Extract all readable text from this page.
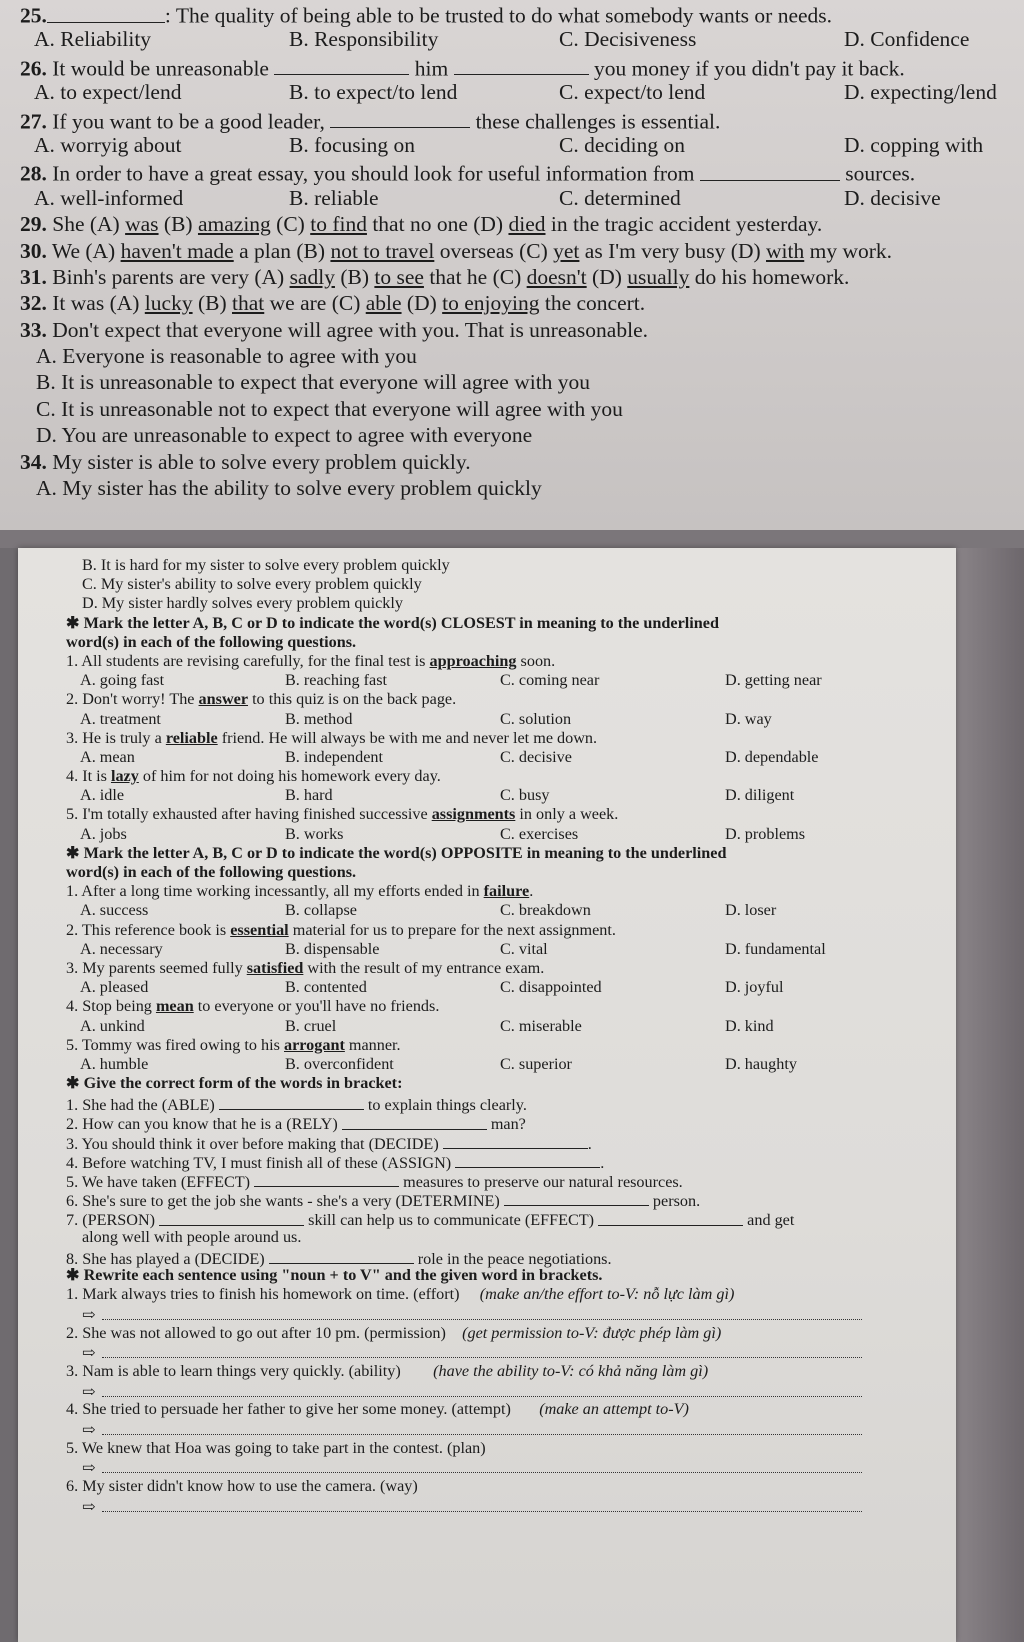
25.	: The quality of being able to be trusted to do what somebody wants or needs.
A. Reliability	B. Responsibility	C. Decisiveness	D. Confidence
26. It would be unreasonable	him	you money if you didn't pay it back.
A. to expect/lend	B. to expect/to lend	C. expect/to lend	D. expecting/lend
27. If you want to be a good leader,	these challenges is essential.
A. worryig about	B. focusing on	C. deciding on	D. copping with
28. In order to have a great essay, you should look for useful information from	sources.
A. well-informed	B. reliable	C. determined	D. decisive
29. She (A) was (B) amazing (C) to find that no one (D) died in the tragic accident yesterday.
30. We (A) haven't made a plan (B) not to travel overseas (C) yet as I'm very busy (D) with my work.
31. Binh's parents are very (A) sadly (B) to see that he (C) doesn't (D) usually do his homework.
32. It was (A) lucky (B) that we are (C) able (D) to enjoying the concert.
33. Don't expect that everyone will agree with you. That is unreasonable.
A. Everyone is reasonable to agree with you
B. It is unreasonable to expect that everyone will agree with you
C. It is unreasonable not to expect that everyone will agree with you
D. You are unreasonable to expect to agree with everyone
34. My sister is able to solve every problem quickly.
A. My sister has the ability to solve every problem quickly
B. It is hard for my sister to solve every problem quickly
C. My sister's ability to solve every problem quickly
D. My sister hardly solves every problem quickly
✱ Mark the letter A, B, C or D to indicate the word(s) CLOSEST in meaning to the underlined
word(s) in each of the following questions.
1. All students are revising carefully, for the final test is approaching soon.
A. going fast	B. reaching fast	C. coming near	D. getting near
2. Don't worry! The answer to this quiz is on the back page.
A. treatment	B. method	C. solution	D. way
3. He is truly a reliable friend. He will always be with me and never let me down.
A. mean	B. independent	C. decisive	D. dependable
4. It is lazy of him for not doing his homework every day.
A. idle	B. hard	C. busy	D. diligent
5. I'm totally exhausted after having finished successive assignments in only a week.
A. jobs	B. works	C. exercises	D. problems
✱ Mark the letter A, B, C or D to indicate the word(s) OPPOSITE in meaning to the underlined
word(s) in each of the following questions.
1. After a long time working incessantly, all my efforts ended in failure.
A. success	B. collapse	C. breakdown	D. loser
2. This reference book is essential material for us to prepare for the next assignment.
A. necessary	B. dispensable	C. vital	D. fundamental
3. My parents seemed fully satisfied with the result of my entrance exam.
A. pleased	B. contented	C. disappointed	D. joyful
4. Stop being mean to everyone or you'll have no friends.
A. unkind	B. cruel	C. miserable	D. kind
5. Tommy was fired owing to his arrogant manner.
A. humble	B. overconfident	C. superior	D. haughty
✱ Give the correct form of the words in bracket:
1. She had the (ABLE)	to explain things clearly.
2. How can you know that he is a (RELY)	man?
3. You should think it over before making that (DECIDE)	.
4. Before watching TV, I must finish all of these (ASSIGN)	.
5. We have taken (EFFECT)	measures to preserve our natural resources.
6. She's sure to get the job she wants - she's a very (DETERMINE)	person.
7. (PERSON)	skill can help us to communicate (EFFECT)	and get
along well with people around us.
8. She has played a (DECIDE)	role in the peace negotiations.
✱ Rewrite each sentence using "noun + to V" and the given word in brackets.
1. Mark always tries to finish his homework on time. (effort) (make an/the effort to-V: nỗ lực làm gì)
⇨
2. She was not allowed to go out after 10 pm. (permission) (get permission to-V: được phép làm gì)
⇨
3. Nam is able to learn things very quickly. (ability) (have the ability to-V: có khả năng làm gì)
⇨
4. She tried to persuade her father to give her some money. (attempt) (make an attempt to-V)
⇨
5. We knew that Hoa was going to take part in the contest. (plan)
⇨
6. My sister didn't know how to use the camera. (way)
⇨
